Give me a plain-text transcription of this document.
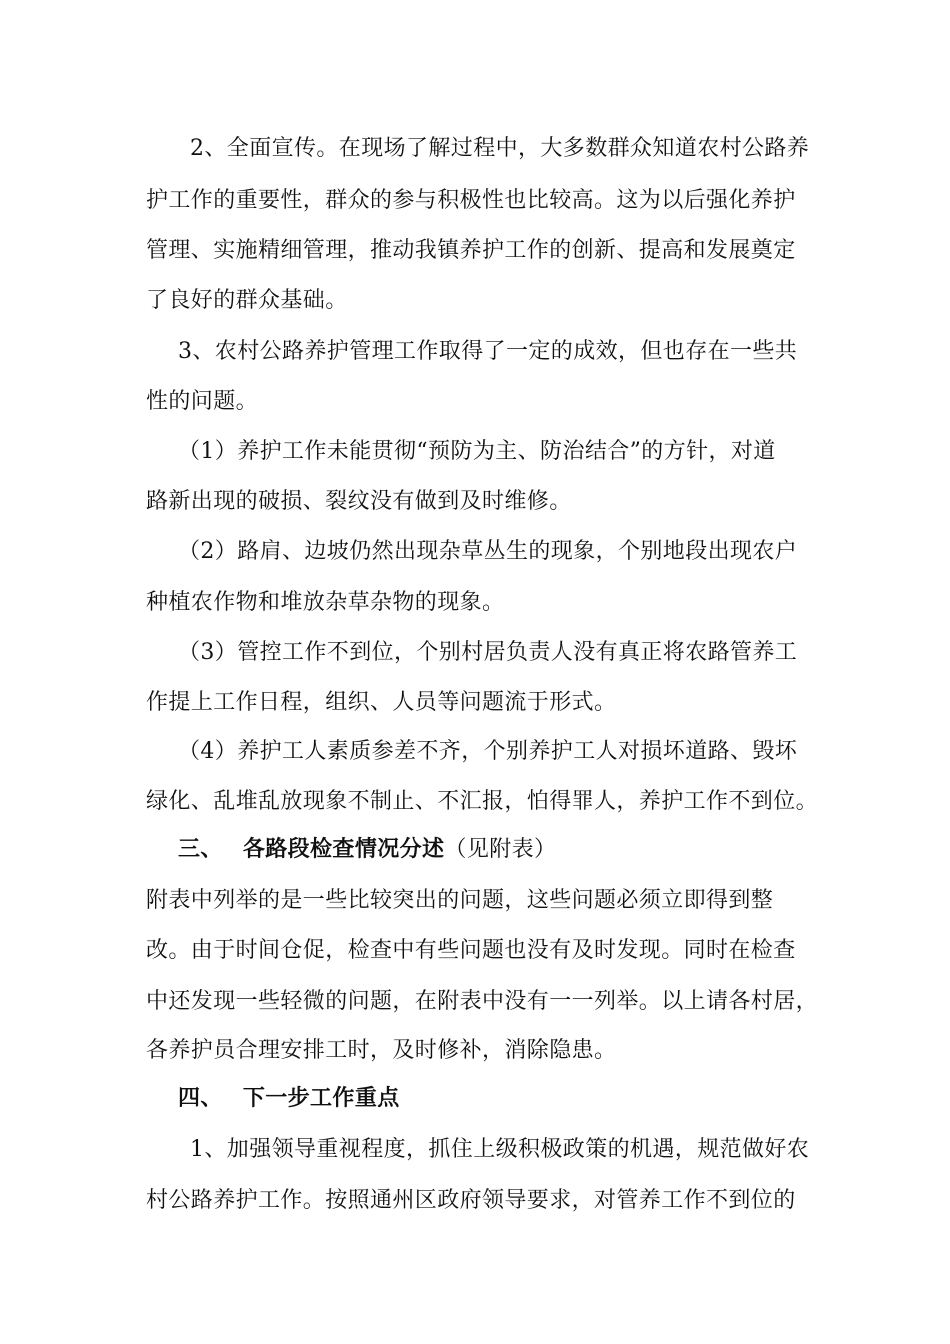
2、全面宣传。在现场了解过程中，大多数群众知道农村公路养
护工作的重要性，群众的参与积极性也比较高。这为以后强化养护
管理、实施精细管理，推动我镇养护工作的创新、提高和发展奠定
了良好的群众基础。
3、农村公路养护管理工作取得了一定的成效，但也存在一些共
性的问题。
（1）养护工作未能贯彻“预防为主、防治结合”的方针，对道
路新出现的破损、裂纹没有做到及时维修。
（2）路肩、边坡仍然出现杂草丛生的现象，个别地段出现农户
种植农作物和堆放杂草杂物的现象。
（3）管控工作不到位，个别村居负责人没有真正将农路管养工
作提上工作日程，组织、人员等问题流于形式。
（4）养护工人素质参差不齐，个别养护工人对损坏道路、毁坏
绿化、乱堆乱放现象不制止、不汇报，怕得罪人，养护工作不到位。
三、 各路段检查情况分述（见附表）
附表中列举的是一些比较突出的问题，这些问题必须立即得到整
改。由于时间仓促，检查中有些问题也没有及时发现。同时在检查
中还发现一些轻微的问题，在附表中没有一一列举。以上请各村居，
各养护员合理安排工时，及时修补，消除隐患。
四、 下一步工作重点
1、加强领导重视程度，抓住上级积极政策的机遇，规范做好农
村公路养护工作。按照通州区政府领导要求，对管养工作不到位的
